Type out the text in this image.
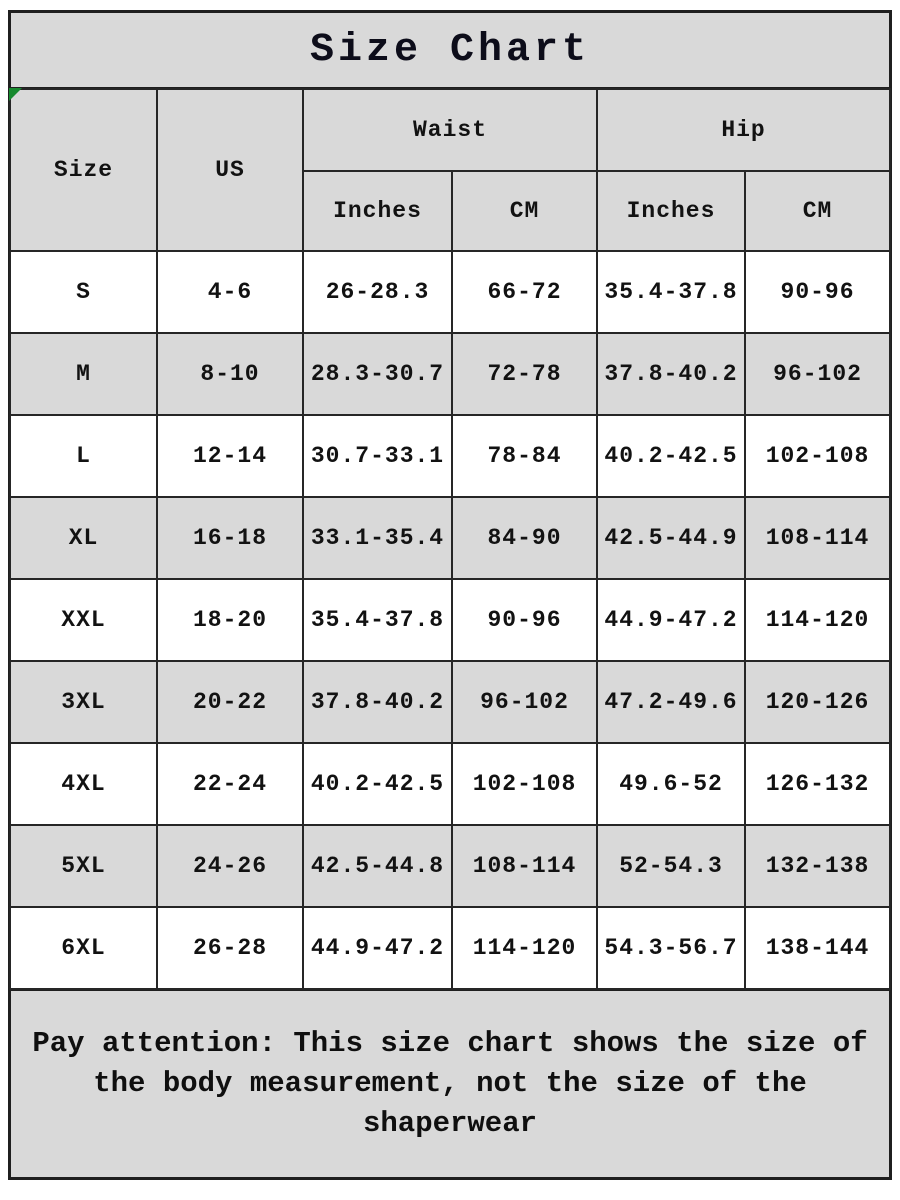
Size Chart
Size	US	Waist		Hip	
		Inches	CM	Inches	CM
S	4-6	26-28.3	66-72	35.4-37.8	90-96
M	8-10	28.3-30.7	72-78	37.8-40.2	96-102
L	12-14	30.7-33.1	78-84	40.2-42.5	102-108
XL	16-18	33.1-35.4	84-90	42.5-44.9	108-114
XXL	18-20	35.4-37.8	90-96	44.9-47.2	114-120
3XL	20-22	37.8-40.2	96-102	47.2-49.6	120-126
4XL	22-24	40.2-42.5	102-108	49.6-52	126-132
5XL	24-26	42.5-44.8	108-114	52-54.3	132-138
6XL	26-28	44.9-47.2	114-120	54.3-56.7	138-144

Pay attention: This size chart shows the size of the body measurement, not the size of the shaperwear
